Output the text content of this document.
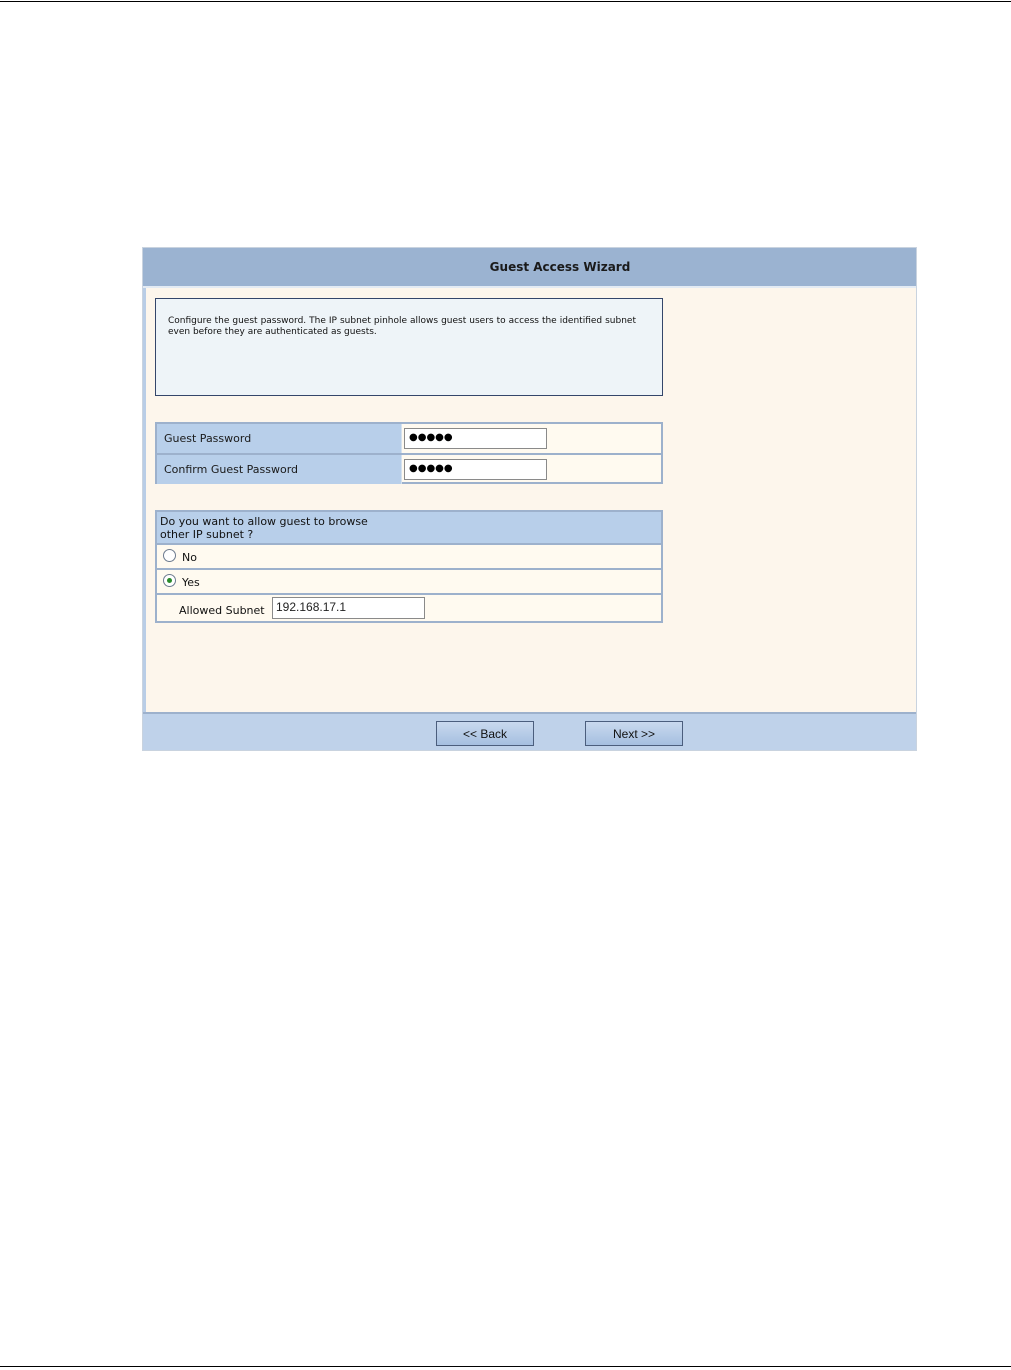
Guest Access Wizard
Configure the guest password. The IP subnet pinhole allows guest users to access the identified subnet even before they are authenticated as guests.
Guest Password	●●●●●
Confirm Guest Password	●●●●●
Do you want to allow guest to browse
other IP subnet ?
No
Yes
Allowed Subnet 192.168.17.1
<< Back	Next >>
